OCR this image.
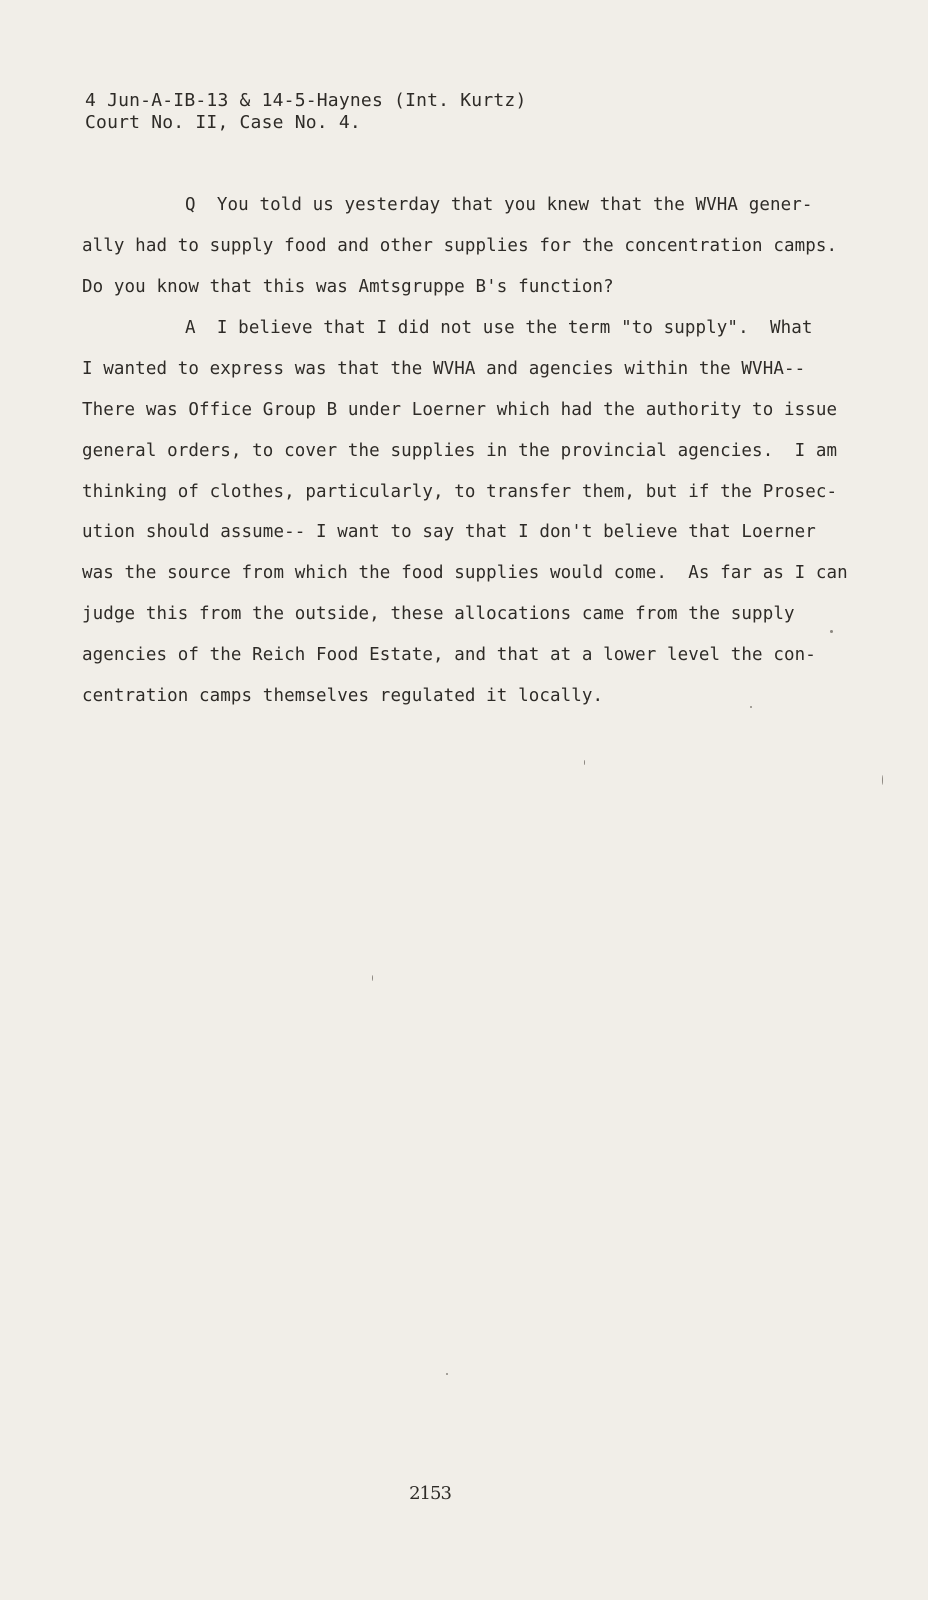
4 Jun-A-IB-13 & 14-5-Haynes (Int. Kurtz)
Court No. II, Case No. 4.
Q  You told us yesterday that you knew that the WVHA gener-
ally had to supply food and other supplies for the concentration camps.
Do you know that this was Amtsgruppe B's function?
A  I believe that I did not use the term "to supply".  What
I wanted to express was that the WVHA and agencies within the WVHA--
There was Office Group B under Loerner which had the authority to issue
general orders, to cover the supplies in the provincial agencies.  I am
thinking of clothes, particularly, to transfer them, but if the Prosec-
ution should assume-- I want to say that I don't believe that Loerner
was the source from which the food supplies would come.  As far as I can
judge this from the outside, these allocations came from the supply
agencies of the Reich Food Estate, and that at a lower level the con-
centration camps themselves regulated it locally.
2153
